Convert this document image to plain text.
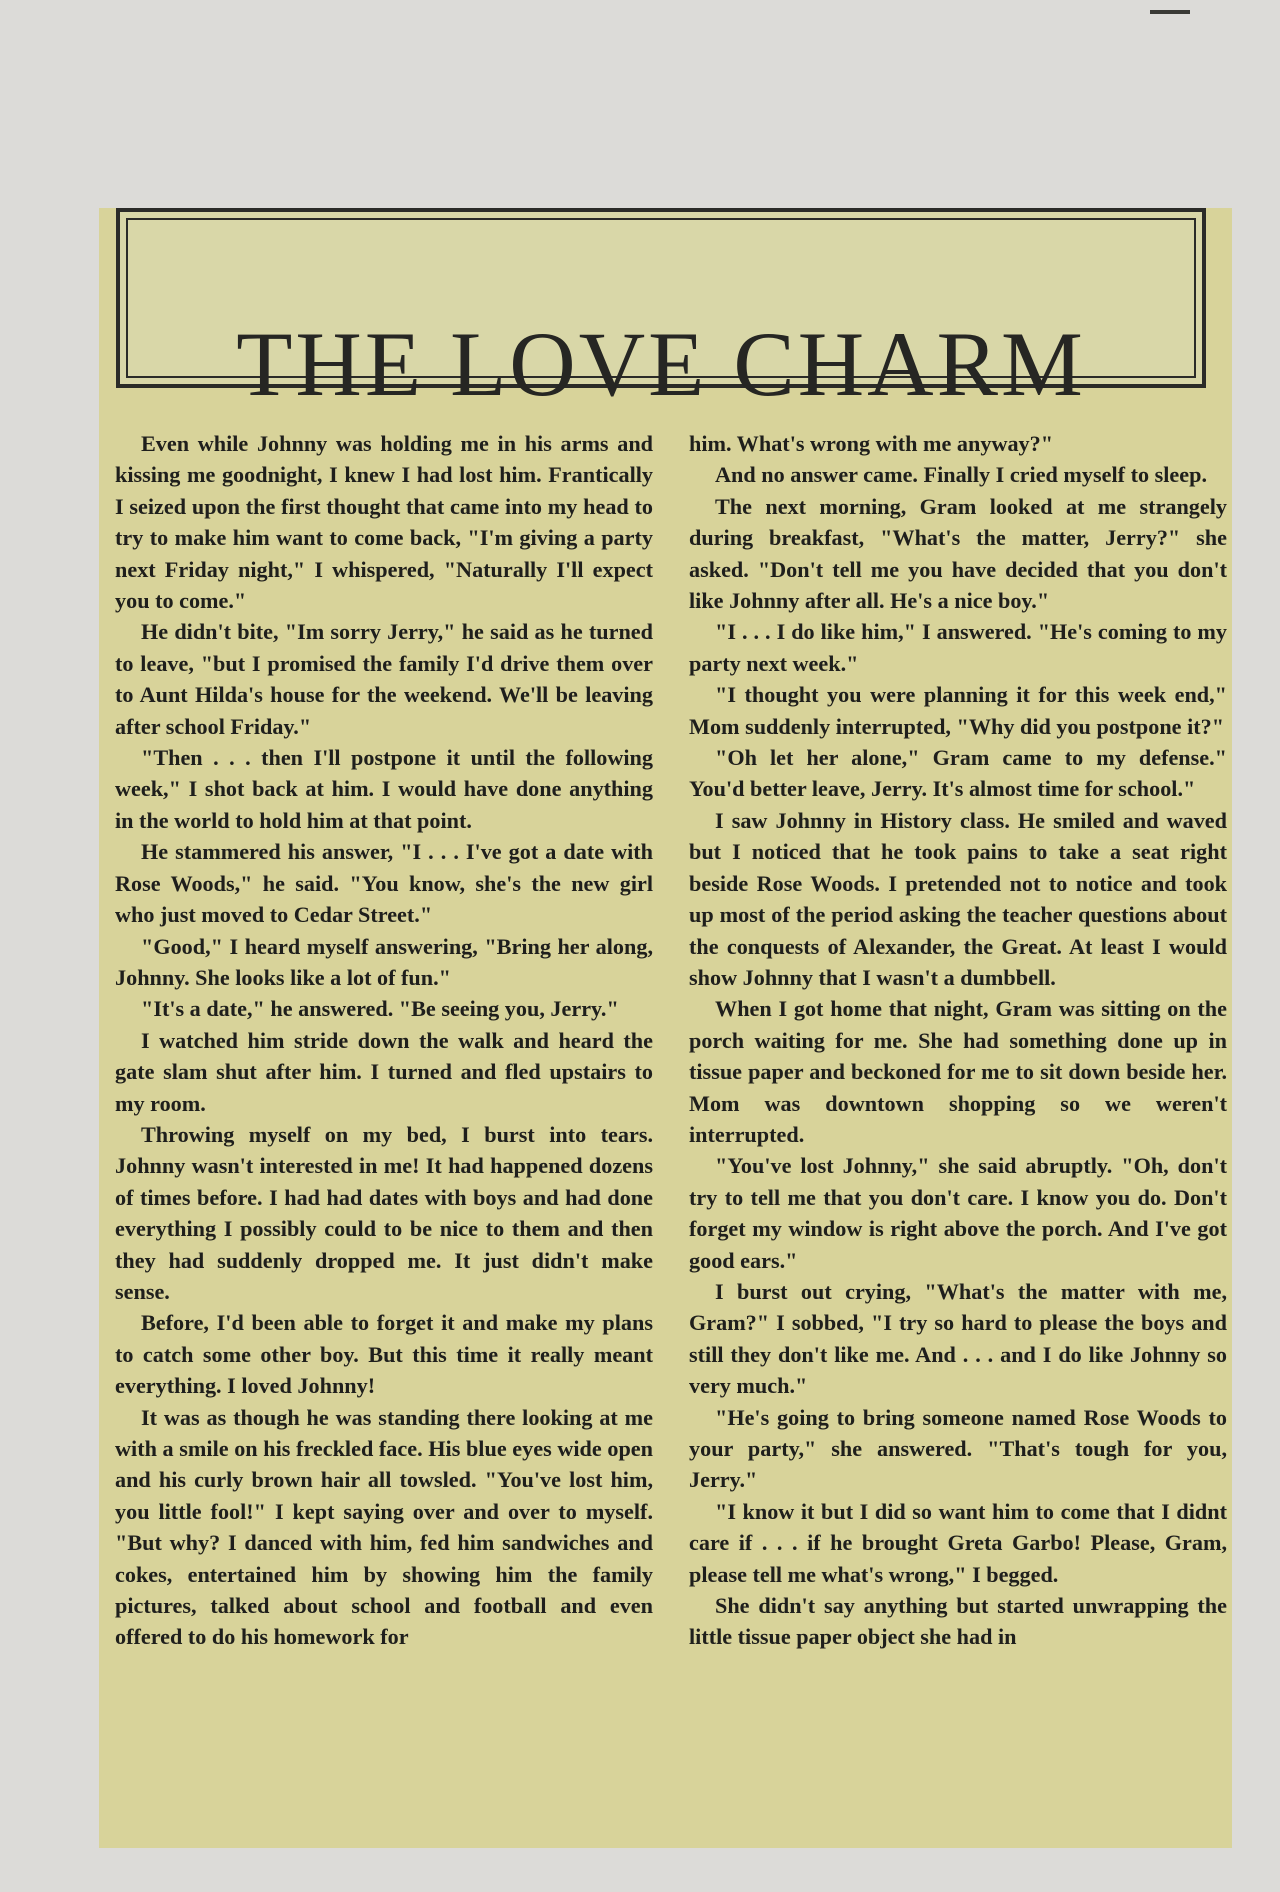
THE LOVE CHARM

Even while Johnny was holding me in his arms and kissing me goodnight, I knew I had lost him. Frantically I seized upon the first thought that came into my head to try to make him want to come back, "I'm giving a party next Friday night," I whispered, "Naturally I'll expect you to come."

He didn't bite, "Im sorry Jerry," he said as he turned to leave, "but I promised the family I'd drive them over to Aunt Hilda's house for the weekend. We'll be leaving after school Friday."

"Then . . . then I'll postpone it until the following week," I shot back at him. I would have done anything in the world to hold him at that point.

He stammered his answer, "I . . . I've got a date with Rose Woods," he said. "You know, she's the new girl who just moved to Cedar Street."

"Good," I heard myself answering, "Bring her along, Johnny. She looks like a lot of fun."

"It's a date," he answered. "Be seeing you, Jerry."

I watched him stride down the walk and heard the gate slam shut after him. I turned and fled upstairs to my room.

Throwing myself on my bed, I burst into tears. Johnny wasn't interested in me! It had happened dozens of times before. I had had dates with boys and had done everything I possibly could to be nice to them and then they had suddenly dropped me. It just didn't make sense.

Before, I'd been able to forget it and make my plans to catch some other boy. But this time it really meant everything. I loved Johnny!

It was as though he was standing there looking at me with a smile on his freckled face. His blue eyes wide open and his curly brown hair all towsled. "You've lost him, you little fool!" I kept saying over and over to myself. "But why? I danced with him, fed him sandwiches and cokes, entertained him by showing him the family pictures, talked about school and football and even offered to do his homework for

him. What's wrong with me anyway?"

And no answer came. Finally I cried myself to sleep.

The next morning, Gram looked at me strangely during breakfast, "What's the matter, Jerry?" she asked. "Don't tell me you have decided that you don't like Johnny after all. He's a nice boy."

"I . . . I do like him," I answered. "He's coming to my party next week."

"I thought you were planning it for this week end," Mom suddenly interrupted, "Why did you postpone it?"

"Oh let her alone," Gram came to my defense." You'd better leave, Jerry. It's almost time for school."

I saw Johnny in History class. He smiled and waved but I noticed that he took pains to take a seat right beside Rose Woods. I pretended not to notice and took up most of the period asking the teacher questions about the conquests of Alexander, the Great. At least I would show Johnny that I wasn't a dumbbell.

When I got home that night, Gram was sitting on the porch waiting for me. She had something done up in tissue paper and beckoned for me to sit down beside her. Mom was downtown shopping so we weren't interrupted.

"You've lost Johnny," she said abruptly. "Oh, don't try to tell me that you don't care. I know you do. Don't forget my window is right above the porch. And I've got good ears."

I burst out crying, "What's the matter with me, Gram?" I sobbed, "I try so hard to please the boys and still they don't like me. And . . . and I do like Johnny so very much."

"He's going to bring someone named Rose Woods to your party," she answered. "That's tough for you, Jerry."

"I know it but I did so want him to come that I didnt care if . . . if he brought Greta Garbo! Please, Gram, please tell me what's wrong," I begged.

She didn't say anything but started unwrapping the little tissue paper object she had in
